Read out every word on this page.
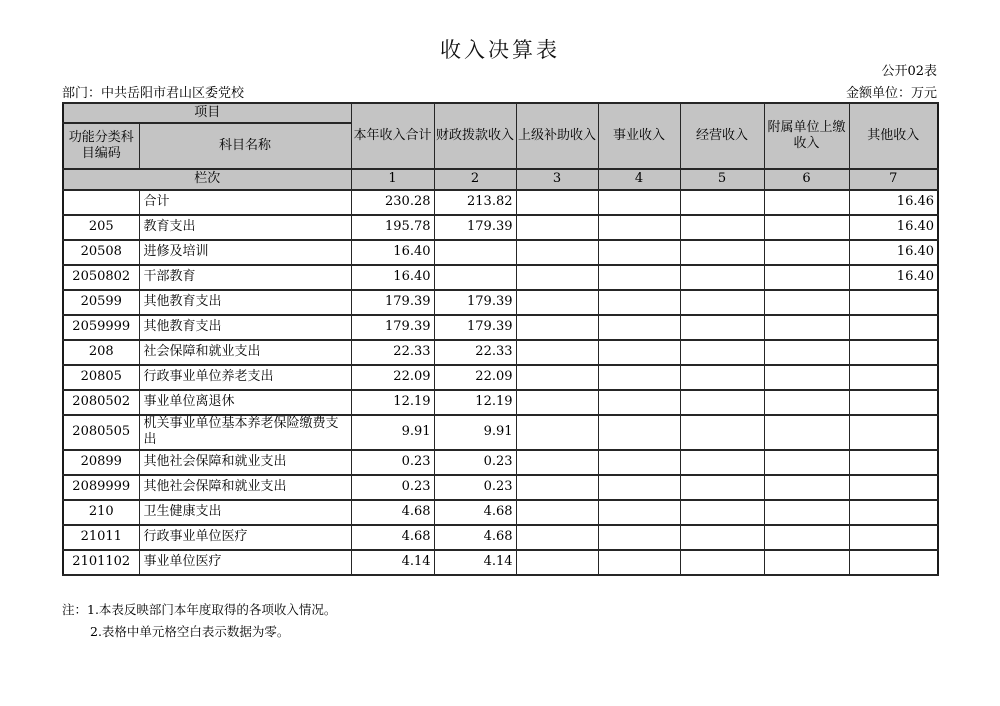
收入决算表
公开02表
部门：中共岳阳市君山区委党校	金额单位：万元
项目		本年收入合计	财政拨款收入	上级补助收入	事业收入	经营收入	附属单位上缴收入	其他收入
功能分类科目编码	科目名称							
栏次		1	2	3	4	5	6	7
	合计	230.28	213.82					16.46
205	教育支出	195.78	179.39					16.40
20508	进修及培训	16.40						16.40
2050802	干部教育	16.40						16.40
20599	其他教育支出	179.39	179.39					
2059999	其他教育支出	179.39	179.39					
208	社会保障和就业支出	22.33	22.33					
20805	行政事业单位养老支出	22.09	22.09					
2080502	事业单位离退休	12.19	12.19					
2080505	机关事业单位基本养老保险缴费支出	9.91	9.91					
20899	其他社会保障和就业支出	0.23	0.23					
2089999	其他社会保障和就业支出	0.23	0.23					
210	卫生健康支出	4.68	4.68					
21011	行政事业单位医疗	4.68	4.68					
2101102	事业单位医疗	4.14	4.14					
注：1.本表反映部门本年度取得的各项收入情况。
2.表格中单元格空白表示数据为零。
